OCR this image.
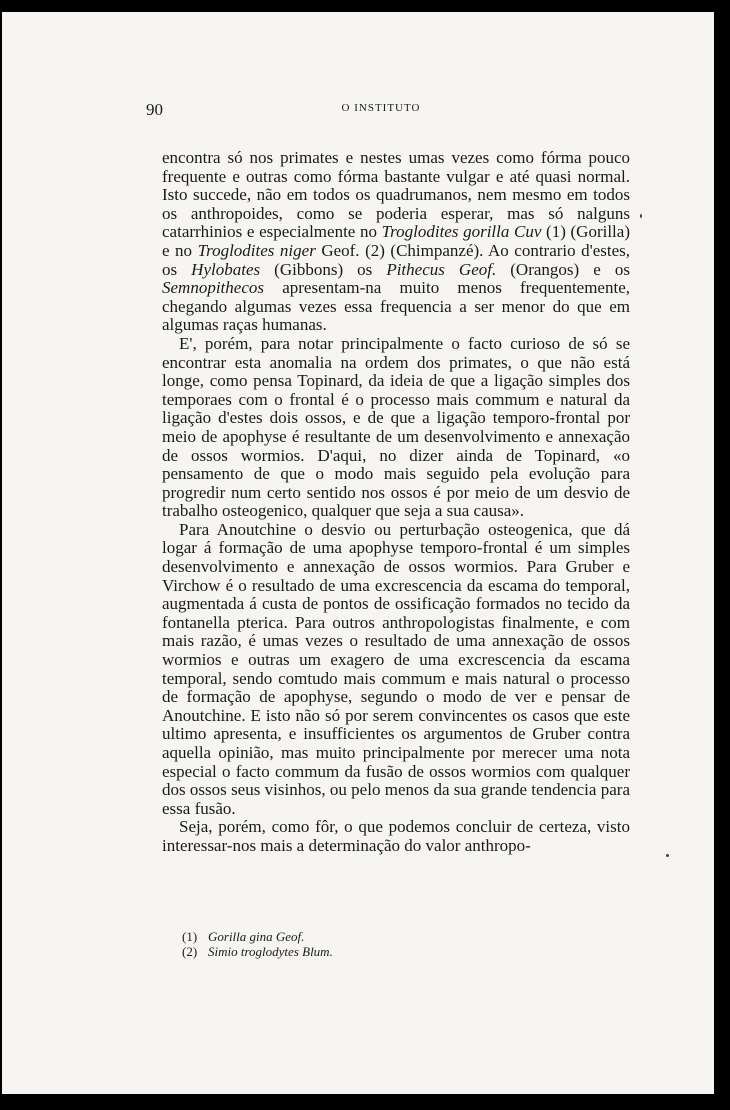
90	O INSTITUTO

encontra só nos primates e nestes umas vezes como fórma pouco frequente e outras como fórma bastante vulgar e até quasi normal. Isto succede, não em todos os quadrumanos, nem mesmo em todos os anthropoides, como se poderia esperar, mas só nalguns catarrhinios e especialmente no Troglodites gorilla Cuv (1) (Gorilla) e no Troglodites niger Geof. (2) (Chimpanzé). Ao contrario d'estes, os Hylobates (Gibbons) os Pithecus Geof. (Orangos) e os Semnopithecos apresentam-na muito menos frequentemente, chegando algumas vezes essa frequencia a ser menor do que em algumas raças humanas.

E', porém, para notar principalmente o facto curioso de só se encontrar esta anomalia na ordem dos primates, o que não está longe, como pensa Topinard, da ideia de que a ligação simples dos temporaes com o frontal é o processo mais commum e natural da ligação d'estes dois ossos, e de que a ligação temporo-frontal por meio de apophyse é resultante de um desenvolvimento e annexação de ossos wormios. D'aqui, no dizer ainda de Topinard, «o pensamento de que o modo mais seguido pela evolução para progredir num certo sentido nos ossos é por meio de um desvio de trabalho osteogenico, qualquer que seja a sua causa».

Para Anoutchine o desvio ou perturbação osteogenica, que dá logar á formação de uma apophyse temporo-frontal é um simples desenvolvimento e annexação de ossos wormios. Para Gruber e Virchow é o resultado de uma excrescencia da escama do temporal, augmentada á custa de pontos de ossificação formados no tecido da fontanella pterica. Para outros anthropologistas finalmente, e com mais razão, é umas vezes o resultado de uma annexação de ossos wormios e outras um exagero de uma excrescencia da escama temporal, sendo comtudo mais commum e mais natural o processo de formação de apophyse, segundo o modo de ver e pensar de Anoutchine. E isto não só por serem convincentes os casos que este ultimo apresenta, e insufficientes os argumentos de Gruber contra aquella opinião, mas muito principalmente por merecer uma nota especial o facto commum da fusão de ossos wormios com qualquer dos ossos seus visinhos, ou pelo menos da sua grande tendencia para essa fusão.

Seja, porém, como fôr, o que podemos concluir de certeza, visto interessar-nos mais a determinação do valor anthropo-

(1) Gorilla gina Geof.
(2) Simio troglodytes Blum.
